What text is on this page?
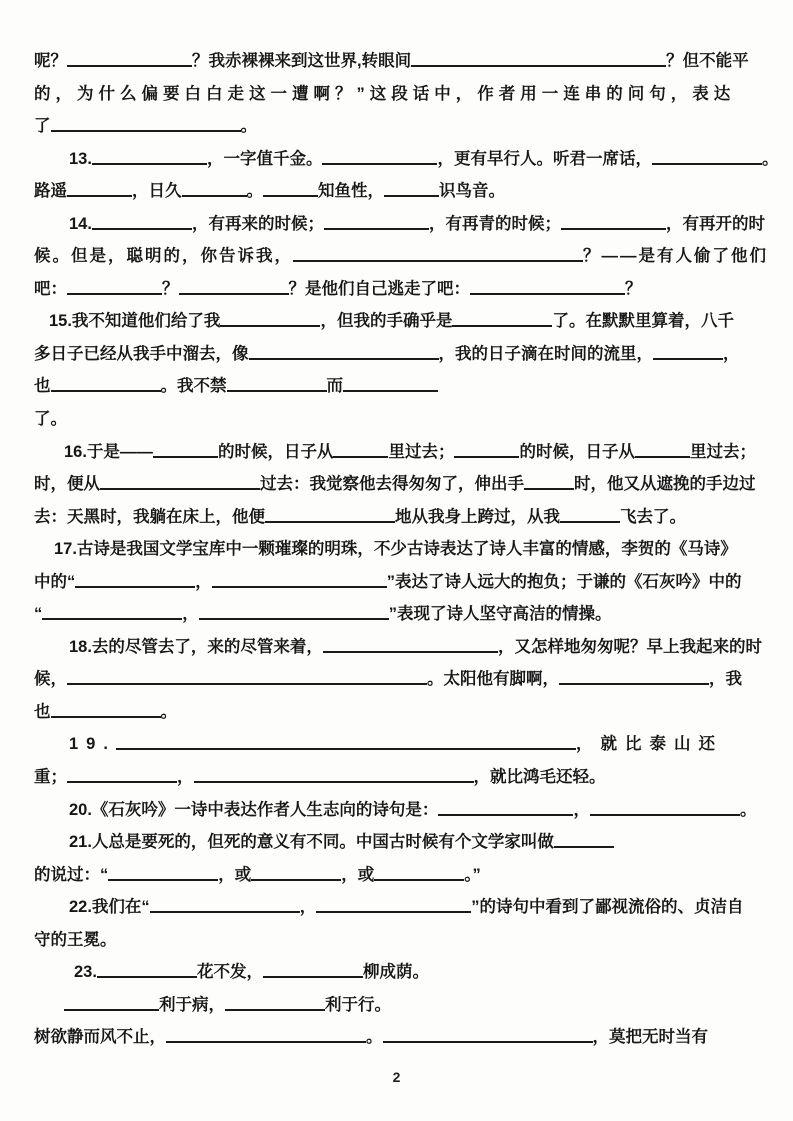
呢？	？我赤裸裸来到这世界,转眼间	？但不能平
的，为什么偏要白白走这一遭啊？”这段话中，作者用一连串的问句，表达
了	。
13.	，一字值千金。	，更有早行人。听君一席话，	。
路遥	，日久	。	知鱼性，	识鸟音。
14.	，有再来的时候；	，有再青的时候；	，有再开的时
候。但是，聪明的，你告诉我，	？——是有人偷了他们
吧：	？	？是他们自己逃走了吧：	？
15.我不知道他们给了我	，但我的手确乎是	了。在默默里算着，八千
多日子已经从我手中溜去，像	，我的日子滴在时间的流里，	，
也	。我不禁	而
了。
16.于是——	的时候，日子从	里过去；	的时候，日子从	里过去；
时，便从	过去：我觉察他去得匆匆了，伸出手	时，他又从遮挽的手边过
去：天黑时，我躺在床上，他便	地从我身上跨过，从我	飞去了。
17.古诗是我国文学宝库中一颗璀璨的明珠，不少古诗表达了诗人丰富的情感，李贺的《马诗》
中的“	，	”表达了诗人远大的抱负；于谦的《石灰吟》中的
“	，	”表现了诗人坚守高洁的情操。
18.去的尽管去了，来的尽管来着，	，又怎样地匆匆呢？早上我起来的时
候，	。太阳他有脚啊，	，我
也	。
19.	，就比泰山还
重；	，	，就比鸿毛还轻。
20.《石灰吟》一诗中表达作者人生志向的诗句是：	，	。
21.人总是要死的，但死的意义有不同。中国古时候有个文学家叫做
的说过：“	，或	，或	。”
22.我们在“	，	”的诗句中看到了鄙视流俗的、贞洁自
守的王冕。
23.	花不发，	柳成荫。
利于病，	利于行。
树欲静而风不止，	。	，莫把无时当有
2
